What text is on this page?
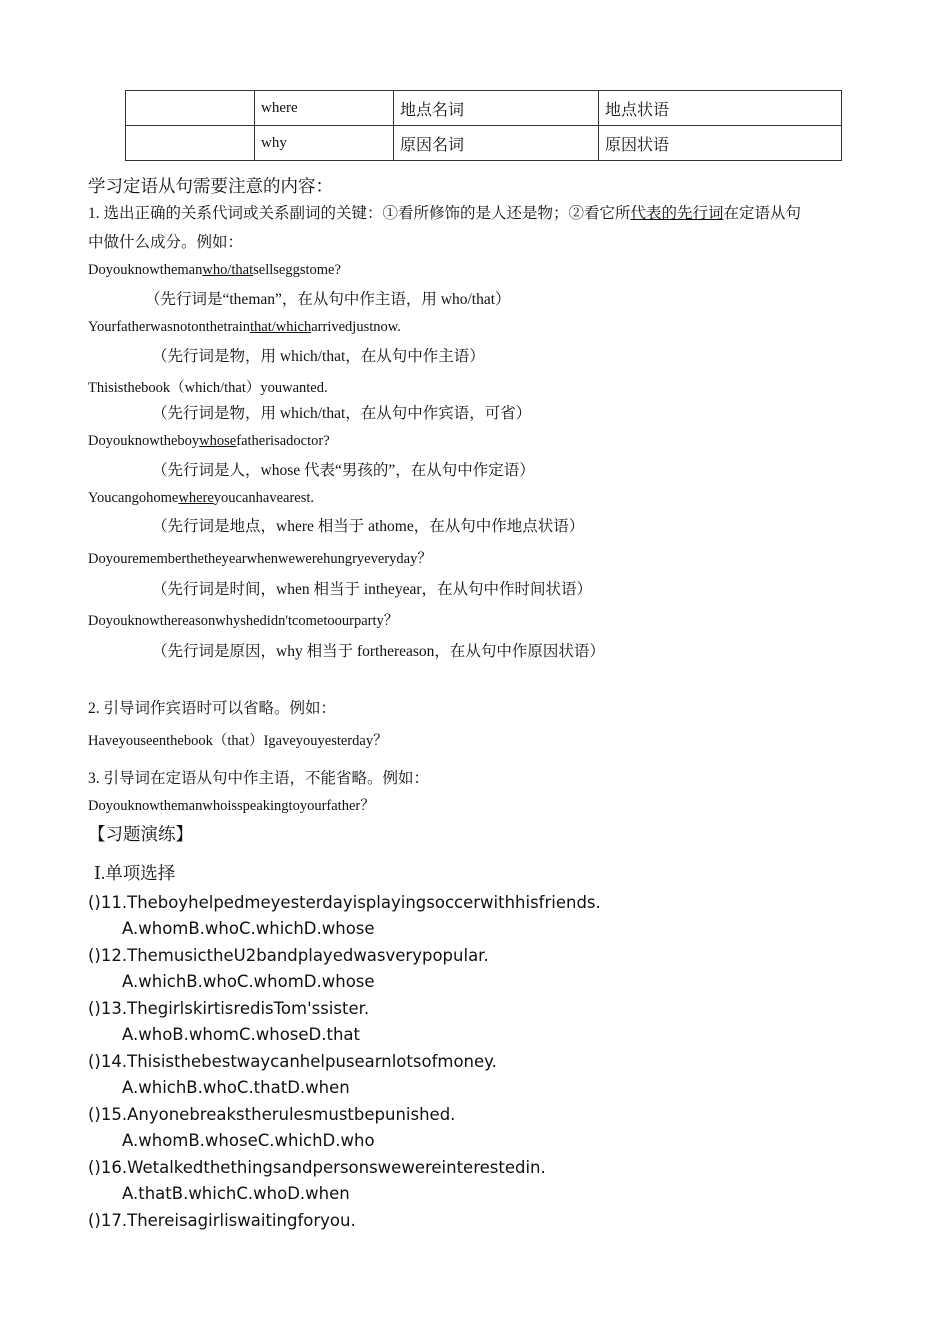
	where	地点名词	地点状语
	why	原因名词	原因状语
学习定语从句需要注意的内容：
1. 选出正确的关系代词或关系副词的关键：①看所修饰的是人还是物；②看它所代表的先行词在定语从句
中做什么成分。例如：
Doyouknowthemanwho/thatsellseggstome?
（先行词是“theman”，在从句中作主语，用 who/that）
Yourfatherwasnotonthetrainthat/whicharrivedjustnow.
（先行词是物，用 which/that，在从句中作主语）
Thisisthebook（which/that）youwanted.
（先行词是物，用 which/that，在从句中作宾语，可省）
Doyouknowtheboywhosefatherisadoctor?
（先行词是人，whose 代表“男孩的”，在从句中作定语）
Youcangohomewhereyoucanhavearest.
（先行词是地点，where 相当于 athome，在从句中作地点状语）
Doyourememberthetheyearwhenwewerehungryeveryday？
（先行词是时间，when 相当于 intheyear，在从句中作时间状语）
Doyouknowthereasonwhyshedidn'tcometoourparty？
（先行词是原因，why 相当于 forthereason，在从句中作原因状语）
2. 引导词作宾语时可以省略。例如：
Haveyouseenthebook（that）Igaveyouyesterday？
3. 引导词在定语从句中作主语，不能省略。例如：
Doyouknowthemanwhoisspeakingtoyourfather？
【习题演练】
Ⅰ.单项选择
()11.Theboyhelpedmeyesterdayisplayingsoccerwithhisfriends.
A.whomB.whoC.whichD.whose
()12.ThemusictheU2bandplayedwasverypopular.
A.whichB.whoC.whomD.whose
()13.ThegirlskirtisredisTom'ssister.
A.whoB.whomC.whoseD.that
()14.Thisisthebestwaycanhelpusearnlotsofmoney.
A.whichB.whoC.thatD.when
()15.Anyonebreakstherulesmustbepunished.
A.whomB.whoseC.whichD.who
()16.Wetalkedthethingsandpersonswewereinterestedin.
A.thatB.whichC.whoD.when
()17.Thereisagirliswaitingforyou.
